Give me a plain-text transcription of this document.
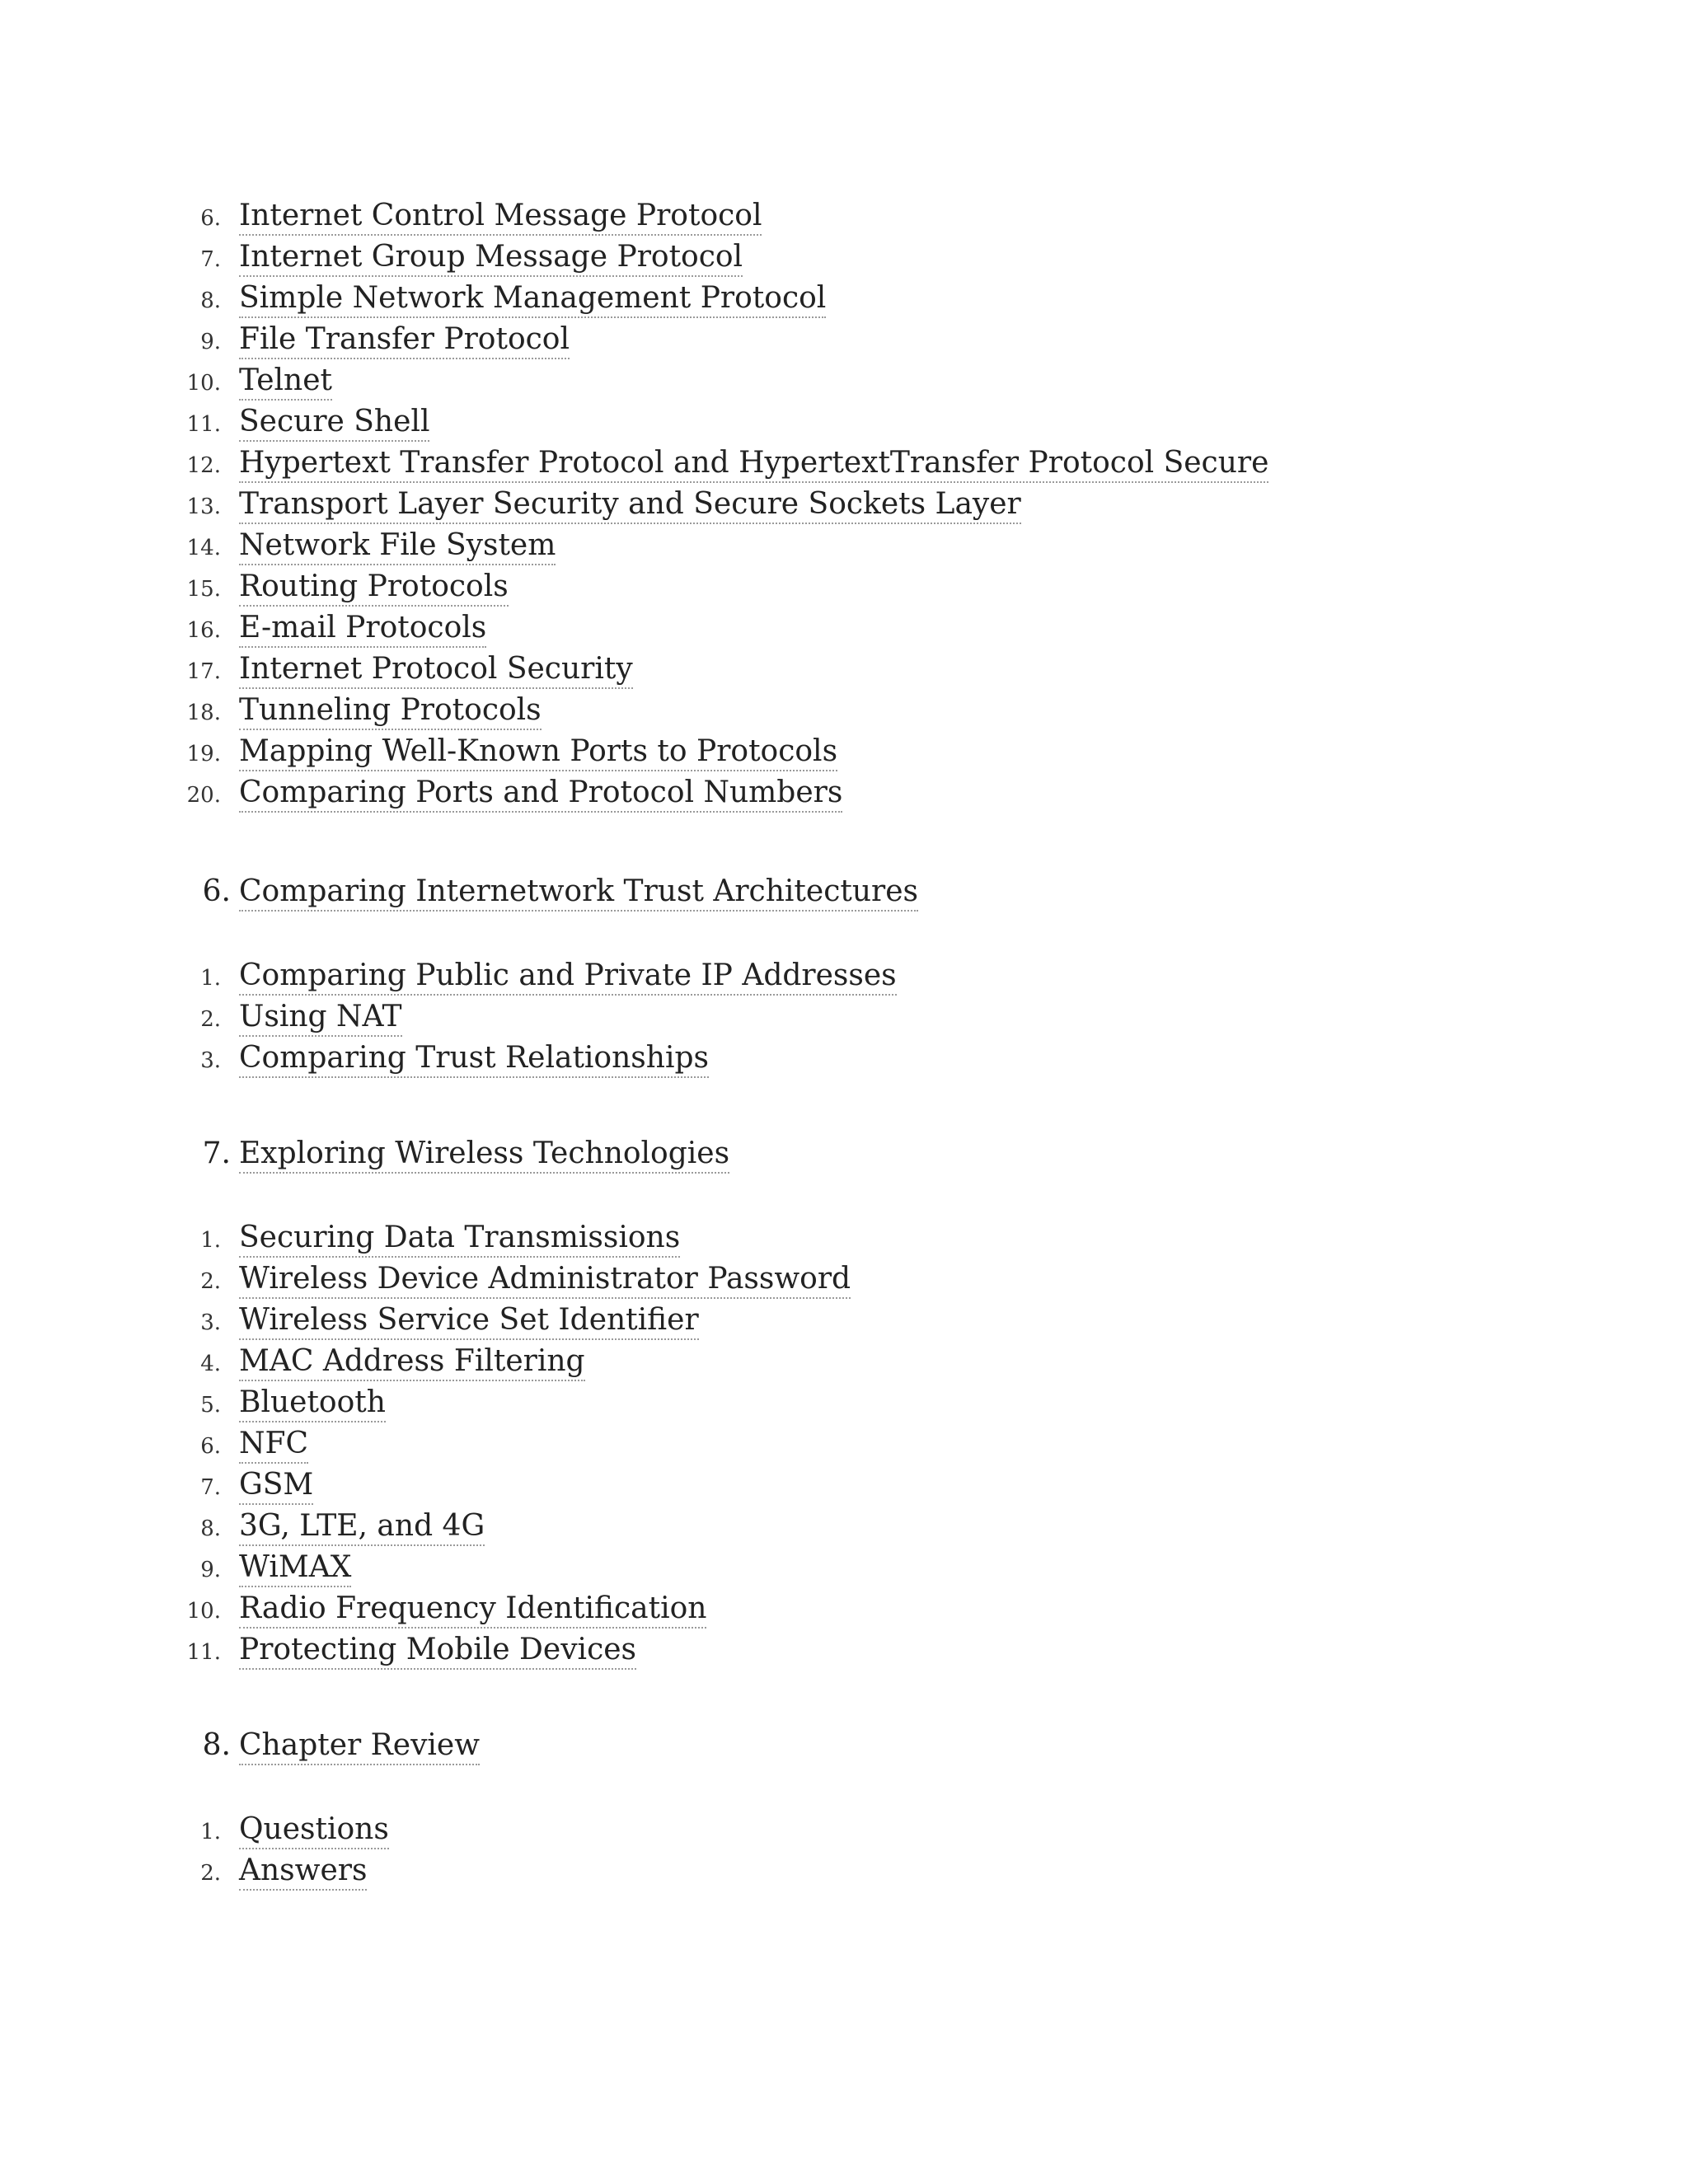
6. Internet Control Message Protocol
7. Internet Group Message Protocol
8. Simple Network Management Protocol
9. File Transfer Protocol
10. Telnet
11. Secure Shell
12. Hypertext Transfer Protocol and HypertextTransfer Protocol Secure
13. Transport Layer Security and Secure Sockets Layer
14. Network File System
15. Routing Protocols
16. E-mail Protocols
17. Internet Protocol Security
18. Tunneling Protocols
19. Mapping Well-Known Ports to Protocols
20. Comparing Ports and Protocol Numbers
6. Comparing Internetwork Trust Architectures
1. Comparing Public and Private IP Addresses
2. Using NAT
3. Comparing Trust Relationships
7. Exploring Wireless Technologies
1. Securing Data Transmissions
2. Wireless Device Administrator Password
3. Wireless Service Set Identifier
4. MAC Address Filtering
5. Bluetooth
6. NFC
7. GSM
8. 3G, LTE, and 4G
9. WiMAX
10. Radio Frequency Identification
11. Protecting Mobile Devices
8. Chapter Review
1. Questions
2. Answers
